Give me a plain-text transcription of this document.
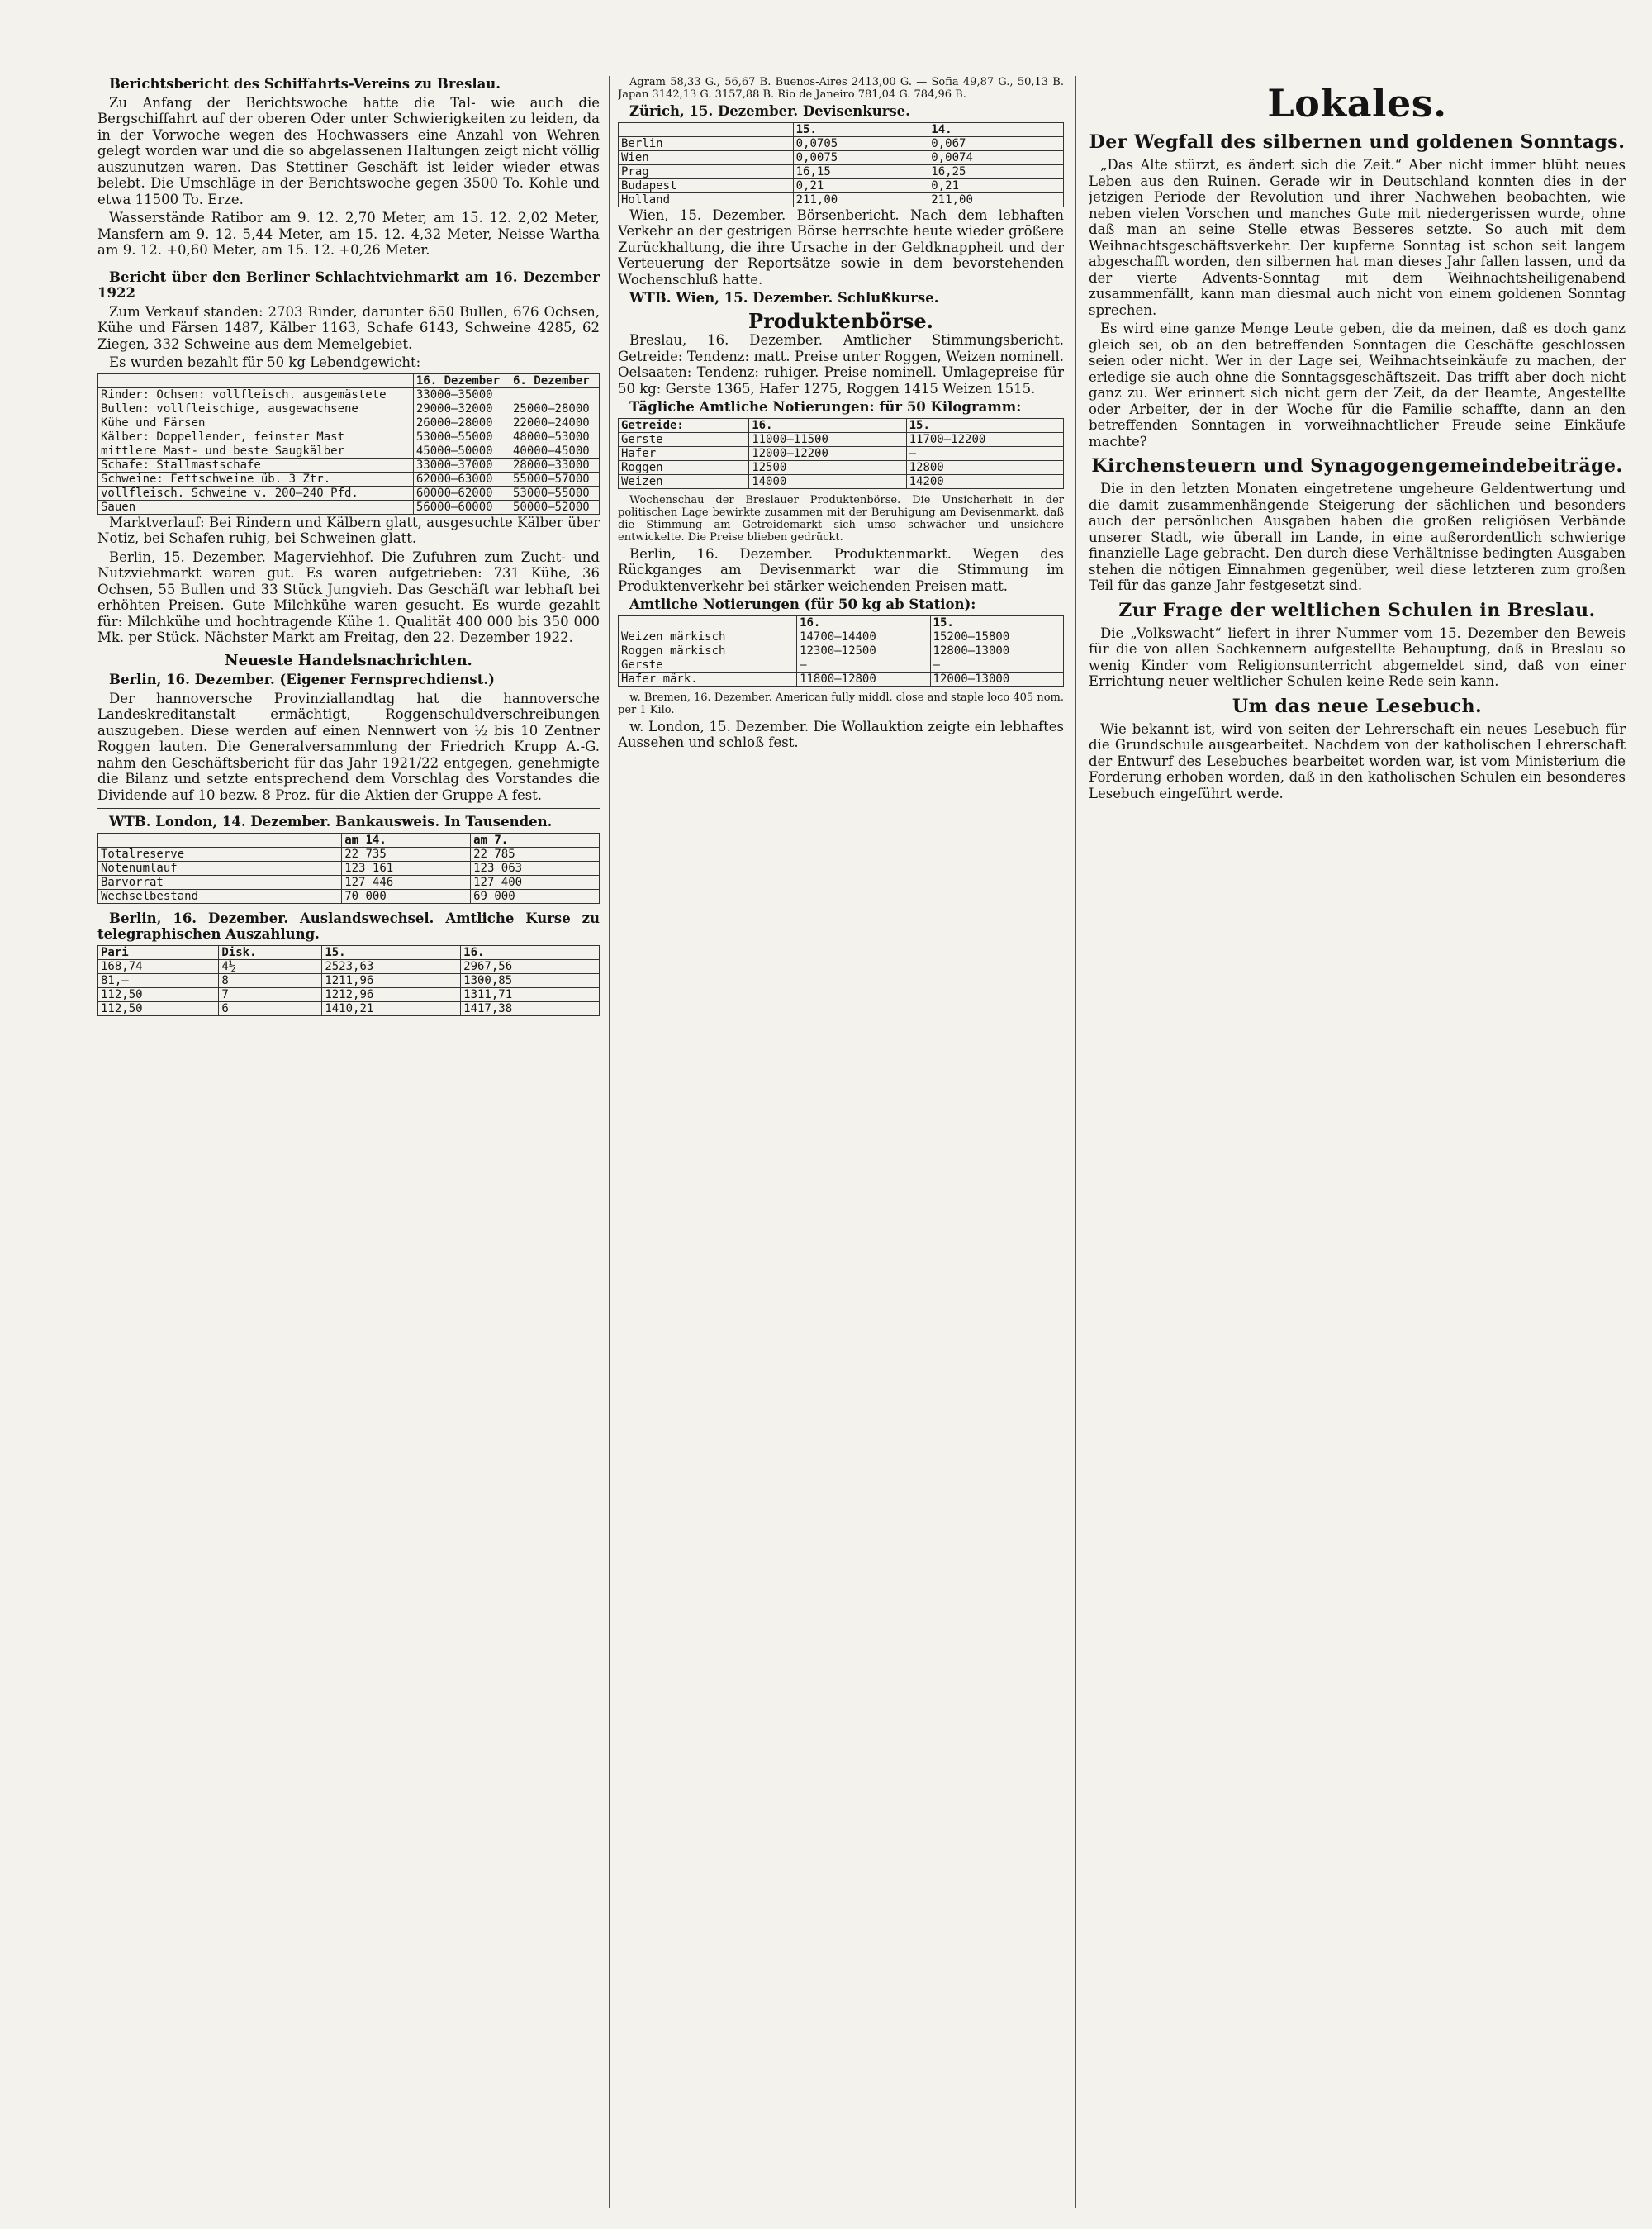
Berichtsbericht des Schiffahrts-Vereins zu Breslau.

Zu Anfang der Berichtswoche hatte die Tal- wie auch die Bergschiffahrt auf der oberen Oder unter Schwierigkeiten zu leiden, da in der Vorwoche wegen des Hochwassers eine Anzahl von Wehren gelegt worden war und die so abgelassenen Haltungen zeigt nicht völlig auszunutzen waren. Das Stettiner Geschäft ist leider wieder etwas belebt. Die Umschläge in der Berichtswoche gegen 3500 To. Kohle und etwa 11500 To. Erze.

Wasserstände Ratibor am 9. 12. 2,70 Meter, am 15. 12. 2,02 Meter, Mansfern am 9. 12. 5,44 Meter, am 15. 12. 4,32 Meter, Neisse Wartha am 9. 12. +0,60 Meter, am 15. 12. +0,26 Meter.

Bericht über den Berliner Schlachtviehmarkt am 16. Dezember 1922

Zum Verkauf standen: 2703 Rinder, darunter 650 Bullen, 676 Ochsen, Kühe und Färsen 1487, Kälber 1163, Schafe 6143, Schweine 4285, 62 Ziegen, 332 Schweine aus dem Memelgebiet.

Es wurden bezahlt für 50 kg Lebendgewicht:

	16. Dezember	6. Dezember
Rinder: Ochsen: vollfleisch. ausgemästete	33000—35000	
Bullen: vollfleischige, ausgewachsene	29000—32000	25000—28000
Kühe und Färsen	26000—28000	22000—24000
Kälber: Doppellender, feinster Mast	53000—55000	48000—53000
mittlere Mast- und beste Saugkälber	45000—50000	40000—45000
Schafe: Stallmastschafe	33000—37000	28000—33000
Schweine: Fettschweine üb. 3 Ztr.	62000—63000	55000—57000
vollfleisch. Schweine v. 200—240 Pfd.	60000—62000	53000—55000
Sauen	56000—60000	50000—52000

Marktverlauf: Bei Rindern und Kälbern glatt, ausgesuchte Kälber über Notiz, bei Schafen ruhig, bei Schweinen glatt.

Berlin, 15. Dezember. Magerviehhof. Die Zufuhren zum Zucht- und Nutzviehmarkt waren gut. Es waren aufgetrieben: 731 Kühe, 36 Ochsen, 55 Bullen und 33 Stück Jungvieh. Das Geschäft war lebhaft bei erhöhten Preisen. Gute Milchkühe waren gesucht. Es wurde gezahlt für: Milchkühe und hochtragende Kühe 1. Qualität 400 000 bis 350 000 Mk. per Stück. Nächster Markt am Freitag, den 22. Dezember 1922.

Neueste Handelsnachrichten.

Berlin, 16. Dezember. (Eigener Fernsprechdienst.)

Der hannoversche Provinziallandtag hat die hannoversche Landeskreditanstalt ermächtigt, Roggenschuldverschreibungen auszugeben. Diese werden auf einen Nennwert von ½ bis 10 Zentner Roggen lauten. Die Generalversammlung der Friedrich Krupp A.-G. nahm den Geschäftsbericht für das Jahr 1921/22 entgegen, genehmigte die Bilanz und setzte entsprechend dem Vorschlag des Vorstandes die Dividende auf 10 bezw. 8 Proz. für die Aktien der Gruppe A fest.

WTB. London, 14. Dezember. Bankausweis. In Tausenden.

	am 14.	am 7.
Totalreserve	22 735	22 785
Notenumlauf	123 161	123 063
Barvorrat	127 446	127 400
Wechselbestand	70 000	69 000

Berlin, 16. Dezember. Auslandswechsel. Amtliche Kurse zu telegraphischen Auszahlung.

Pari	Disk.	15.	16.
168,74	4½	2523,63	2967,56
81,—	8	1211,96	1300,85
112,50	7	1212,96	1311,71
112,50	6	1410,21	1417,38

Agram 58,33 G., 56,67 B. Buenos-Aires 2413,00 G. — Sofia 49,87 G., 50,13 B. Japan 3142,13 G. 3157,88 B. Rio de Janeiro 781,04 G. 784,96 B.

Zürich, 15. Dezember. Devisenkurse.

	15.	14.
Berlin	0,0705	0,067
Wien	0,0075	0,0074
Prag	16,15	16,25
Budapest	0,21	0,21
Holland	211,00	211,00

Wien, 15. Dezember. Börsenbericht. Nach dem lebhaften Verkehr an der gestrigen Börse herrschte heute wieder größere Zurückhaltung, die ihre Ursache in der Geldknappheit und der Verteuerung der Reportsätze sowie in dem bevorstehenden Wochenschluß hatte.

WTB. Wien, 15. Dezember. Schlußkurse.

Produktenbörse.

Breslau, 16. Dezember. Amtlicher Stimmungsbericht. Getreide: Tendenz: matt. Preise unter Roggen, Weizen nominell. Oelsaaten: Tendenz: ruhiger. Preise nominell. Umlagepreise für 50 kg: Gerste 1365, Hafer 1275, Roggen 1415 Weizen 1515.

Tägliche Amtliche Notierungen: für 50 Kilogramm:

Getreide:	16.	15.
Gerste	11000—11500	11700—12200
Hafer	12000—12200	—
Roggen	12500	12800
Weizen	14000	14200

Wochenschau der Breslauer Produktenbörse. Die Unsicherheit in der politischen Lage bewirkte zusammen mit der Beruhigung am Devisenmarkt, daß die Stimmung am Getreidemarkt sich umso schwächer und unsichere entwickelte. Die Preise blieben gedrückt.

Berlin, 16. Dezember. Produktenmarkt. Wegen des Rückganges am Devisenmarkt war die Stimmung im Produktenverkehr bei stärker weichenden Preisen matt.

Amtliche Notierungen (für 50 kg ab Station):

	16.	15.
Weizen märkisch	14700—14400	15200—15800
Roggen märkisch	12300—12500	12800—13000
Gerste	—	—
Hafer märk.	11800—12800	12000—13000

w. Bremen, 16. Dezember. American fully middl. close and staple loco 405 nom. per 1 Kilo.

w. London, 15. Dezember. Die Wollauktion zeigte ein lebhaftes Aussehen und schloß fest.

Lokales.
Der Wegfall des silbernen und goldenen Sonntags.

„Das Alte stürzt, es ändert sich die Zeit.“ Aber nicht immer blüht neues Leben aus den Ruinen. Gerade wir in Deutschland konnten dies in der jetzigen Periode der Revolution und ihrer Nachwehen beobachten, wie neben vielen Vorschen und manches Gute mit niedergerissen wurde, ohne daß man an seine Stelle etwas Besseres setzte. So auch mit dem Weihnachtsgeschäftsverkehr. Der kupferne Sonntag ist schon seit langem abgeschafft worden, den silbernen hat man dieses Jahr fallen lassen, und da der vierte Advents-Sonntag mit dem Weihnachtsheiligenabend zusammenfällt, kann man diesmal auch nicht von einem goldenen Sonntag sprechen.

Es wird eine ganze Menge Leute geben, die da meinen, daß es doch ganz gleich sei, ob an den betreffenden Sonntagen die Geschäfte geschlossen seien oder nicht. Wer in der Lage sei, Weihnachtseinkäufe zu machen, der erledige sie auch ohne die Sonntagsgeschäftszeit. Das trifft aber doch nicht ganz zu. Wer erinnert sich nicht gern der Zeit, da der Beamte, Angestellte oder Arbeiter, der in der Woche für die Familie schaffte, dann an den betreffenden Sonntagen in vorweihnachtlicher Freude seine Einkäufe machte?

Kirchensteuern und Synagogengemeindebeiträge.

Die in den letzten Monaten eingetretene ungeheure Geldentwertung und die damit zusammenhängende Steigerung der sächlichen und besonders auch der persönlichen Ausgaben haben die großen religiösen Verbände unserer Stadt, wie überall im Lande, in eine außerordentlich schwierige finanzielle Lage gebracht. Den durch diese Verhältnisse bedingten Ausgaben stehen die nötigen Einnahmen gegenüber, weil diese letzteren zum großen Teil für das ganze Jahr festgesetzt sind.

Zur Frage der weltlichen Schulen in Breslau.

Die „Volkswacht“ liefert in ihrer Nummer vom 15. Dezember den Beweis für die von allen Sachkennern aufgestellte Behauptung, daß in Breslau so wenig Kinder vom Religionsunterricht abgemeldet sind, daß von einer Errichtung neuer weltlicher Schulen keine Rede sein kann.

Um das neue Lesebuch.

Wie bekannt ist, wird von seiten der Lehrerschaft ein neues Lesebuch für die Grundschule ausgearbeitet. Nachdem von der katholischen Lehrerschaft der Entwurf des Lesebuches bearbeitet worden war, ist vom Ministerium die Forderung erhoben worden, daß in den katholischen Schulen ein besonderes Lesebuch eingeführt werde.
